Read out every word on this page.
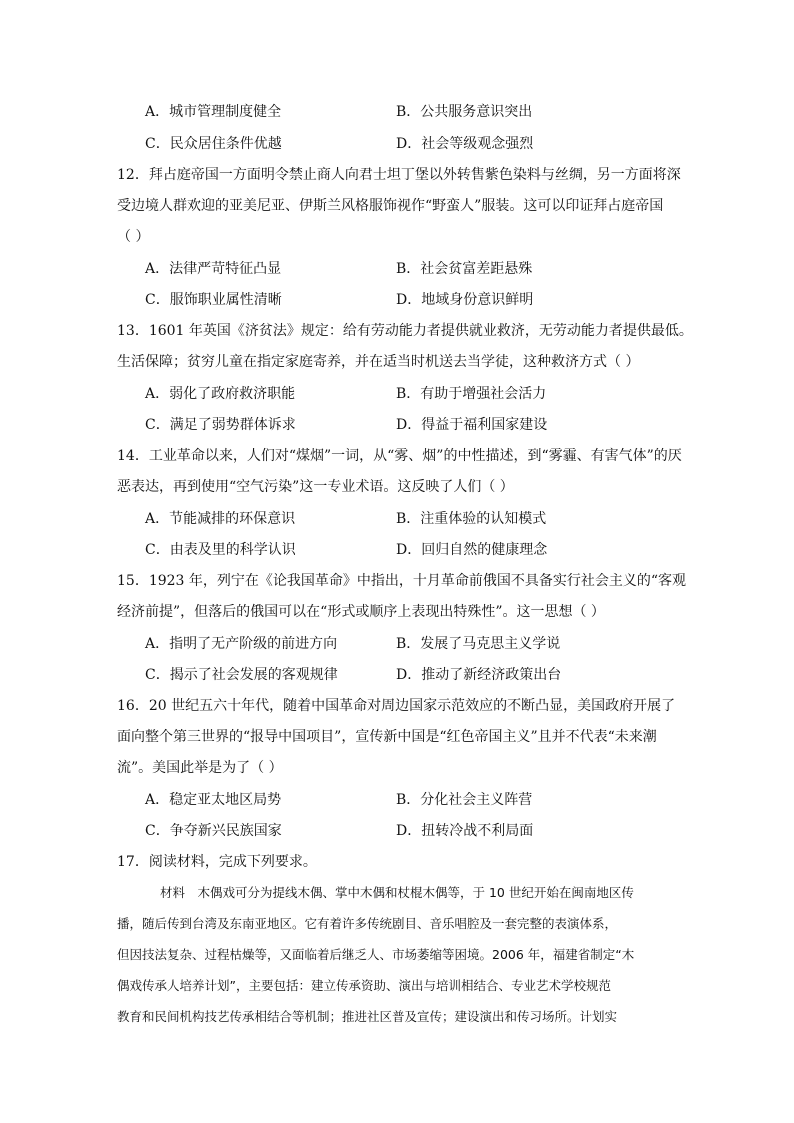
A．城市管理制度健全	B．公共服务意识突出
C．民众居住条件优越	D．社会等级观念强烈
12．拜占庭帝国一方面明令禁止商人向君士坦丁堡以外转售紫色染料与丝绸，另一方面将深
受边境人群欢迎的亚美尼亚、伊斯兰风格服饰视作“野蛮人”服装。这可以印证拜占庭帝国
（ ）
A．法律严苛特征凸显	B．社会贫富差距悬殊
C．服饰职业属性清晰	D．地域身份意识鲜明
13．1601 年英国《济贫法》规定：给有劳动能力者提供就业救济，无劳动能力者提供最低。
生活保障；贫穷儿童在指定家庭寄养，并在适当时机送去当学徒，这种救济方式（ ）
A．弱化了政府救济职能	B．有助于增强社会活力
C．满足了弱势群体诉求	D．得益于福利国家建设
14．工业革命以来，人们对“煤烟”一词，从“雾、烟”的中性描述，到“雾霾、有害气体”的厌
恶表达，再到使用“空气污染”这一专业术语。这反映了人们（ ）
A．节能减排的环保意识	B．注重体验的认知模式
C．由表及里的科学认识	D．回归自然的健康理念
15．1923 年，列宁在《论我国革命》中指出，十月革命前俄国不具备实行社会主义的“客观
经济前提”，但落后的俄国可以在“形式或顺序上表现出特殊性”。这一思想（ ）
A．指明了无产阶级的前进方向	B．发展了马克思主义学说
C．揭示了社会发展的客观规律	D．推动了新经济政策出台
16．20 世纪五六十年代，随着中国革命对周边国家示范效应的不断凸显，美国政府开展了
面向整个第三世界的“报导中国项目”，宣传新中国是“红色帝国主义”且并不代表“未来潮
流”。美国此举是为了（ ）
A．稳定亚太地区局势	B．分化社会主义阵营
C．争夺新兴民族国家	D．扭转冷战不利局面
17．阅读材料，完成下列要求。
材料　木偶戏可分为提线木偶、掌中木偶和杖棍木偶等，于 10 世纪开始在闽南地区传
播，随后传到台湾及东南亚地区。它有着许多传统剧目、音乐唱腔及一套完整的表演体系，
但因技法复杂、过程枯燥等，又面临着后继乏人、市场萎缩等困境。2006 年，福建省制定“木
偶戏传承人培养计划”，主要包括：建立传承资助、演出与培训相结合、专业艺术学校规范
教育和民间机构技艺传承相结合等机制；推进社区普及宣传；建设演出和传习场所。计划实
